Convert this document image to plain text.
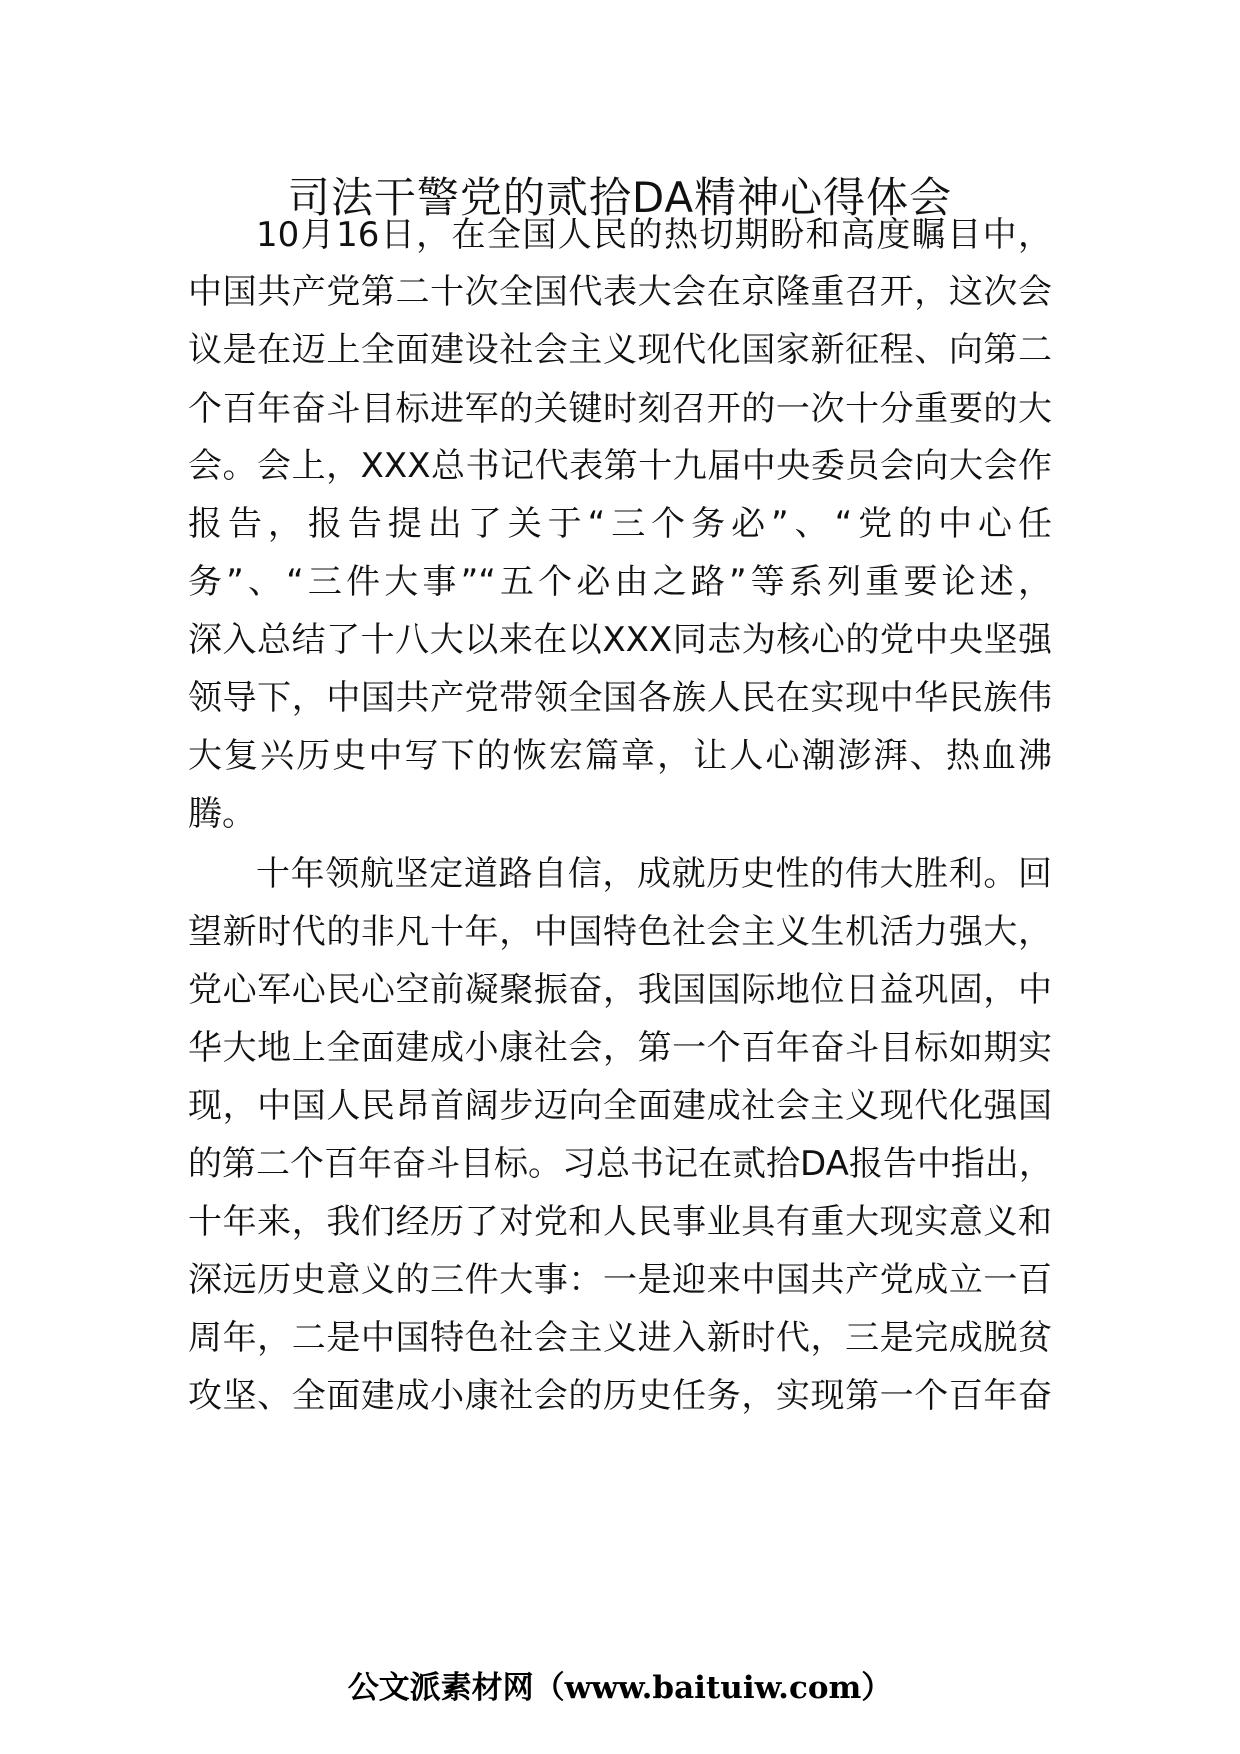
司法干警党的贰拾DA精神心得体会
10月16日，在全国人民的热切期盼和高度瞩目中，
中国共产党第二十次全国代表大会在京隆重召开，这次会
议是在迈上全面建设社会主义现代化国家新征程、向第二
个百年奋斗目标进军的关键时刻召开的一次十分重要的大
会。会上，XXX总书记代表第十九届中央委员会向大会作
报告，报告提出了关于“三个务必”、“党的中心任
务”、“三件大事”“五个必由之路”等系列重要论述，
深入总结了十八大以来在以XXX同志为核心的党中央坚强
领导下，中国共产党带领全国各族人民在实现中华民族伟
大复兴历史中写下的恢宏篇章，让人心潮澎湃、热血沸
腾。
十年领航坚定道路自信，成就历史性的伟大胜利。回
望新时代的非凡十年，中国特色社会主义生机活力强大，
党心军心民心空前凝聚振奋，我国国际地位日益巩固，中
华大地上全面建成小康社会，第一个百年奋斗目标如期实
现，中国人民昂首阔步迈向全面建成社会主义现代化强国
的第二个百年奋斗目标。习总书记在贰拾DA报告中指出，
十年来，我们经历了对党和人民事业具有重大现实意义和
深远历史意义的三件大事：一是迎来中国共产党成立一百
周年，二是中国特色社会主义进入新时代，三是完成脱贫
攻坚、全面建成小康社会的历史任务，实现第一个百年奋
公文派素材网（www.baituiw.com）
